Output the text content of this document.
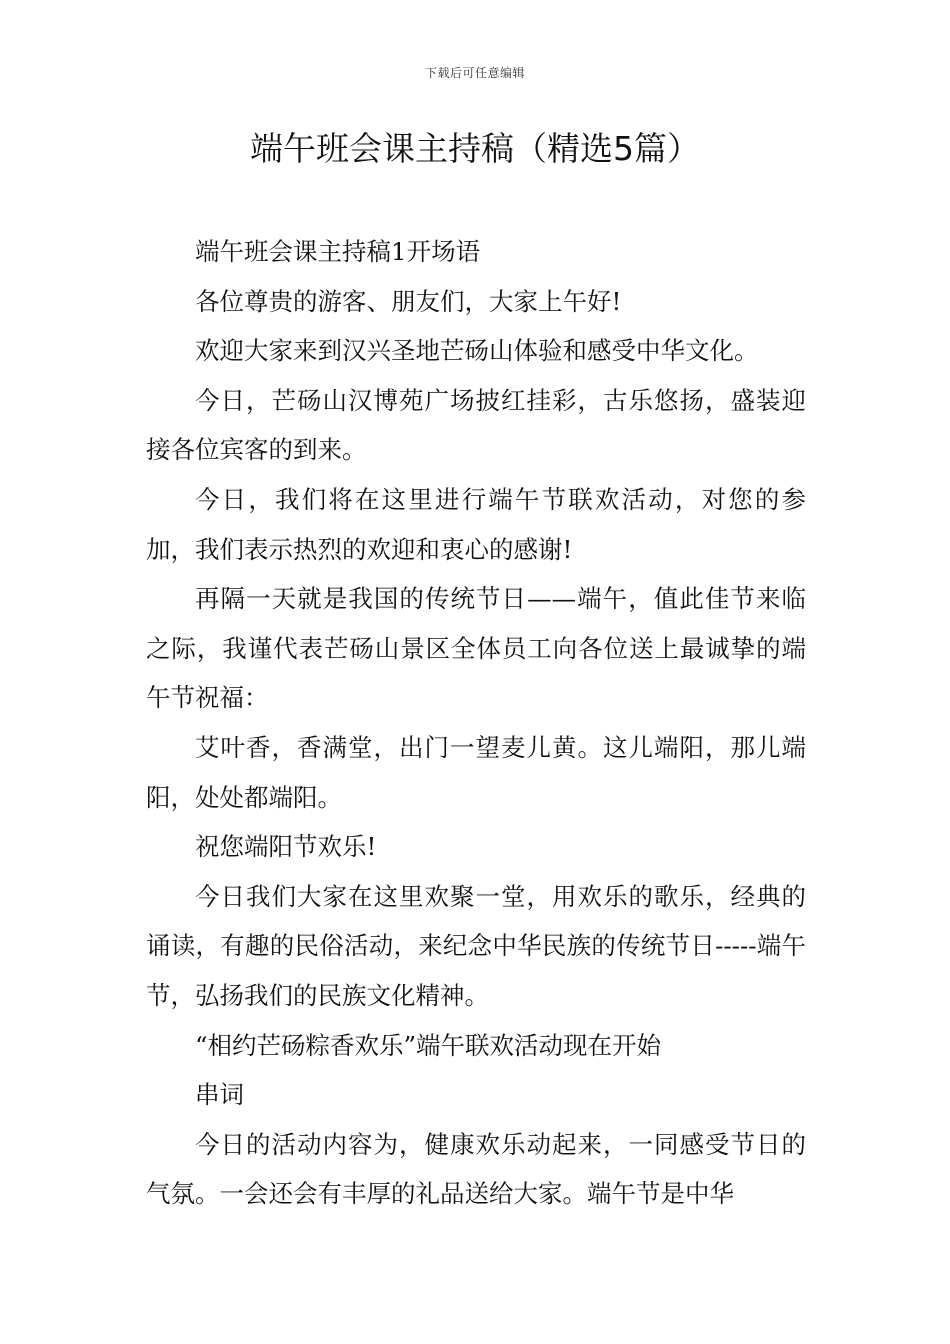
下载后可任意编辑
端午班会课主持稿（精选5篇）

端午班会课主持稿1开场语

各位尊贵的游客、朋友们，大家上午好!

欢迎大家来到汉兴圣地芒砀山体验和感受中华文化。

今日，芒砀山汉博苑广场披红挂彩，古乐悠扬，盛装迎接各位宾客的到来。

今日，我们将在这里进行端午节联欢活动，对您的参加，我们表示热烈的欢迎和衷心的感谢!

再隔一天就是我国的传统节日——端午，值此佳节来临之际，我谨代表芒砀山景区全体员工向各位送上最诚挚的端午节祝福：

艾叶香，香满堂，出门一望麦儿黄。这儿端阳，那儿端阳，处处都端阳。

祝您端阳节欢乐!

今日我们大家在这里欢聚一堂，用欢乐的歌乐，经典的诵读，有趣的民俗活动，来纪念中华民族的传统节日-----端午节，弘扬我们的民族文化精神。

“相约芒砀粽香欢乐”端午联欢活动现在开始

串词

今日的活动内容为，健康欢乐动起来，一同感受节日的气氛。一会还会有丰厚的礼品送给大家。端午节是中华
